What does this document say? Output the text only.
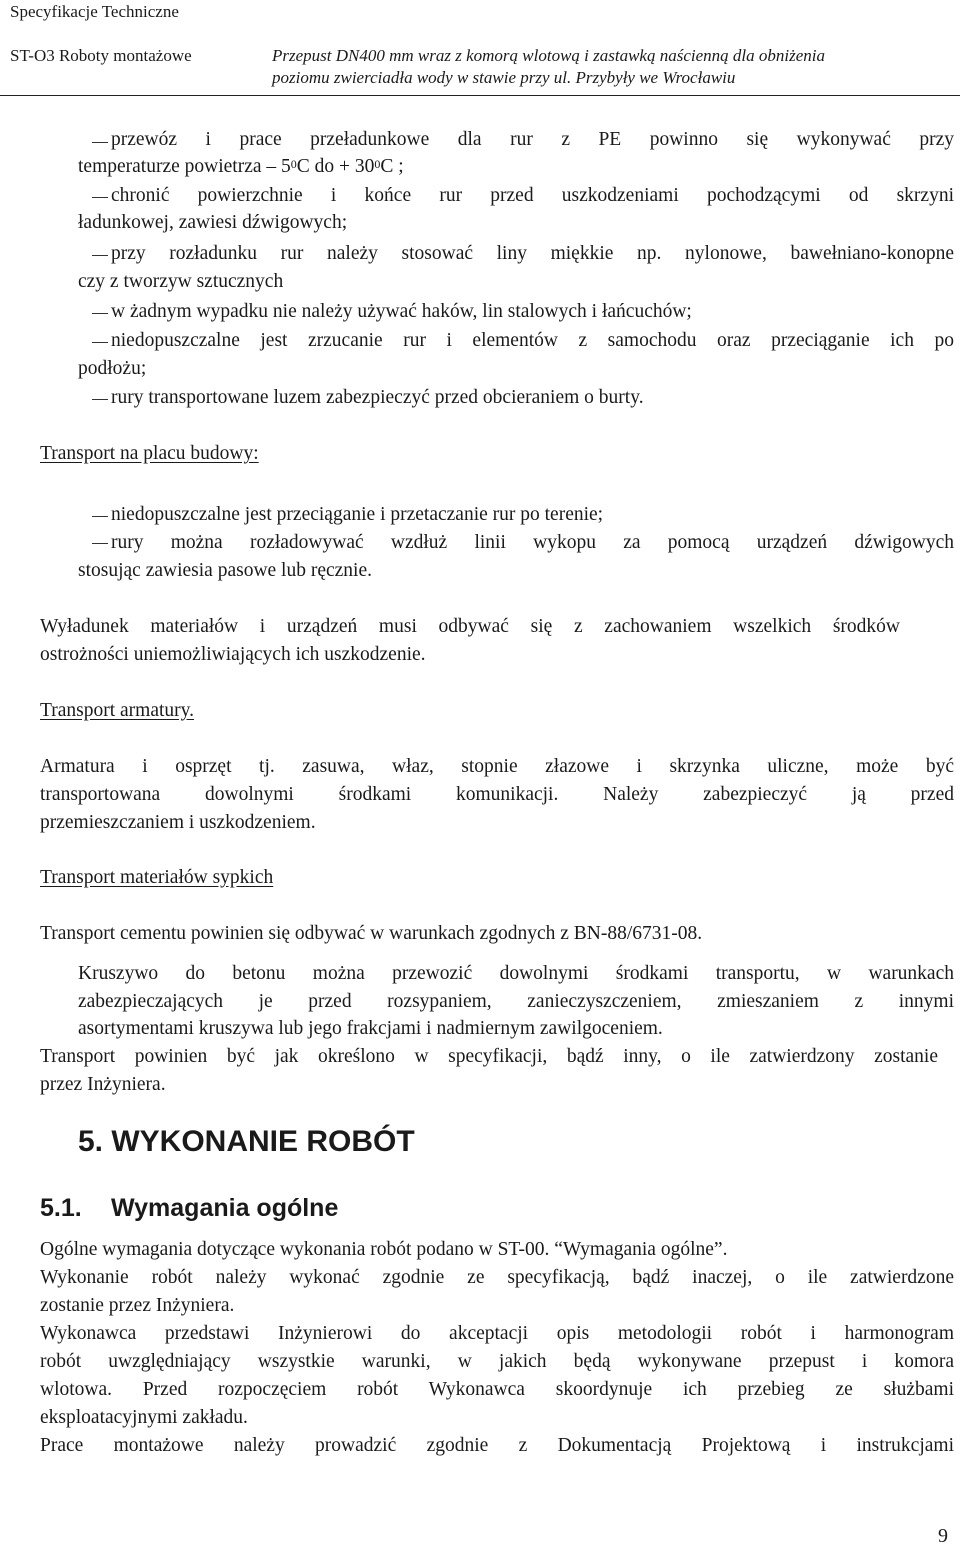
Specyfikacje Techniczne
ST-O3 Roboty montażowe	Przepust DN400 mm wraz z komorą wlotową i zastawką naścienną dla obniżenia
poziomu zwierciadła wody w stawie przy ul. Przybyły we Wrocławiu
przewóz i prace przeładunkowe dla rur z PE powinno się wykonywać przy
temperaturze powietrza – $5^0C$ do + $30^0C$ ;
chronić powierzchnie i końce rur przed uszkodzeniami pochodzącymi od skrzyni
ładunkowej, zawiesi dźwigowych;
przy rozładunku rur należy stosować liny miękkie np. nylonowe, bawełniano-konopne
czy z tworzyw sztucznych
w żadnym wypadku nie należy używać haków, lin stalowych i łańcuchów;
niedopuszczalne jest zrzucanie rur i elementów z samochodu oraz przeciąganie ich po
podłożu;
rury transportowane luzem zabezpieczyć przed obcieraniem o burty.
Transport na placu budowy:
niedopuszczalne jest przeciąganie i przetaczanie rur po terenie;
rury można rozładowywać wzdłuż linii wykopu za pomocą urządzeń dźwigowych
stosując zawiesia pasowe lub ręcznie.
Wyładunek materiałów i urządzeń musi odbywać się z zachowaniem wszelkich środków
ostrożności uniemożliwiających ich uszkodzenie.
Transport armatury.
Armatura i osprzęt tj. zasuwa, właz, stopnie złazowe i skrzynka uliczne, może być
transportowana dowolnymi środkami komunikacji. Należy zabezpieczyć ją przed
przemieszczaniem i uszkodzeniem.
Transport materiałów sypkich
Transport cementu powinien się odbywać w warunkach zgodnych z BN-88/6731-08.
Kruszywo do betonu można przewozić dowolnymi środkami transportu, w warunkach
zabezpieczających je przed rozsypaniem, zanieczyszczeniem, zmieszaniem z innymi
asortymentami kruszywa lub jego frakcjami i nadmiernym zawilgoceniem.
Transport powinien być jak określono w specyfikacji, bądź inny, o ile zatwierdzony zostanie
przez Inżyniera.
5. WYKONANIE ROBÓT
5.1. Wymagania ogólne
Ogólne wymagania dotyczące wykonania robót podano w ST-00. “Wymagania ogólne”.
Wykonanie robót należy wykonać zgodnie ze specyfikacją, bądź inaczej, o ile zatwierdzone
zostanie przez Inżyniera.
Wykonawca przedstawi Inżynierowi do akceptacji opis metodologii robót i harmonogram
robót uwzględniający wszystkie warunki, w jakich będą wykonywane przepust i komora
wlotowa. Przed rozpoczęciem robót Wykonawca skoordynuje ich przebieg ze służbami
eksploatacyjnymi zakładu.
Prace montażowe należy prowadzić zgodnie z Dokumentacją Projektową i instrukcjami
9
